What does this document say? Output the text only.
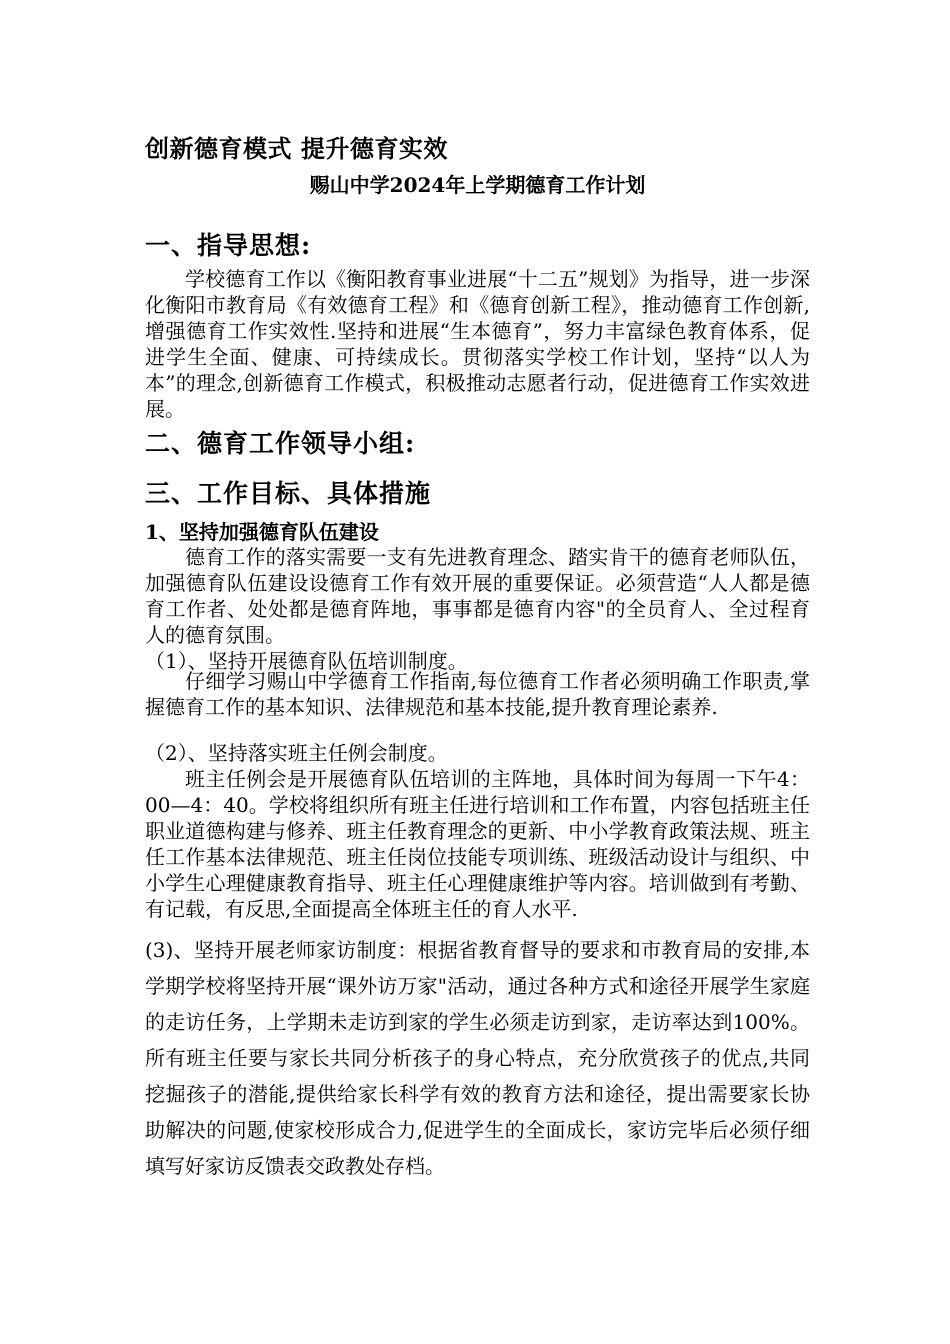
创新德育模式 提升德育实效
赐山中学2024年上学期德育工作计划
一、指导思想:
学校德育工作以《衡阳教育事业进展“十二五”规划》为指导，进一步深化衡阳市教育局《有效德育工程》和《德育创新工程》，推动德育工作创新,增强德育工作实效性.坚持和进展“生本德育”，努力丰富绿色教育体系，促进学生全面、健康、可持续成长。贯彻落实学校工作计划，坚持“以人为本”的理念,创新德育工作模式，积极推动志愿者行动，促进德育工作实效进展。
二、德育工作领导小组:
三、工作目标、具体措施
1、坚持加强德育队伍建设
德育工作的落实需要一支有先进教育理念、踏实肯干的德育老师队伍，加强德育队伍建设设德育工作有效开展的重要保证。必须营造“人人都是德育工作者、处处都是德育阵地，事事都是德育内容"的全员育人、全过程育人的德育氛围。
（1）、坚持开展德育队伍培训制度。
仔细学习赐山中学德育工作指南,每位德育工作者必须明确工作职责,掌握德育工作的基本知识、法律规范和基本技能,提升教育理论素养.
（2）、坚持落实班主任例会制度。
班主任例会是开展德育队伍培训的主阵地，具体时间为每周一下午4：00—4：40。学校将组织所有班主任进行培训和工作布置，内容包括班主任职业道德构建与修养、班主任教育理念的更新、中小学教育政策法规、班主任工作基本法律规范、班主任岗位技能专项训练、班级活动设计与组织、中小学生心理健康教育指导、班主任心理健康维护等内容。培训做到有考勤、有记载，有反思,全面提高全体班主任的育人水平.
(3)、坚持开展老师家访制度：根据省教育督导的要求和市教育局的安排,本学期学校将坚持开展“课外访万家"活动，通过各种方式和途径开展学生家庭的走访任务，上学期未走访到家的学生必须走访到家，走访率达到100%。所有班主任要与家长共同分析孩子的身心特点，充分欣赏孩子的优点,共同挖掘孩子的潜能,提供给家长科学有效的教育方法和途径，提出需要家长协助解决的问题,使家校形成合力,促进学生的全面成长，家访完毕后必须仔细填写好家访反馈表交政教处存档。
